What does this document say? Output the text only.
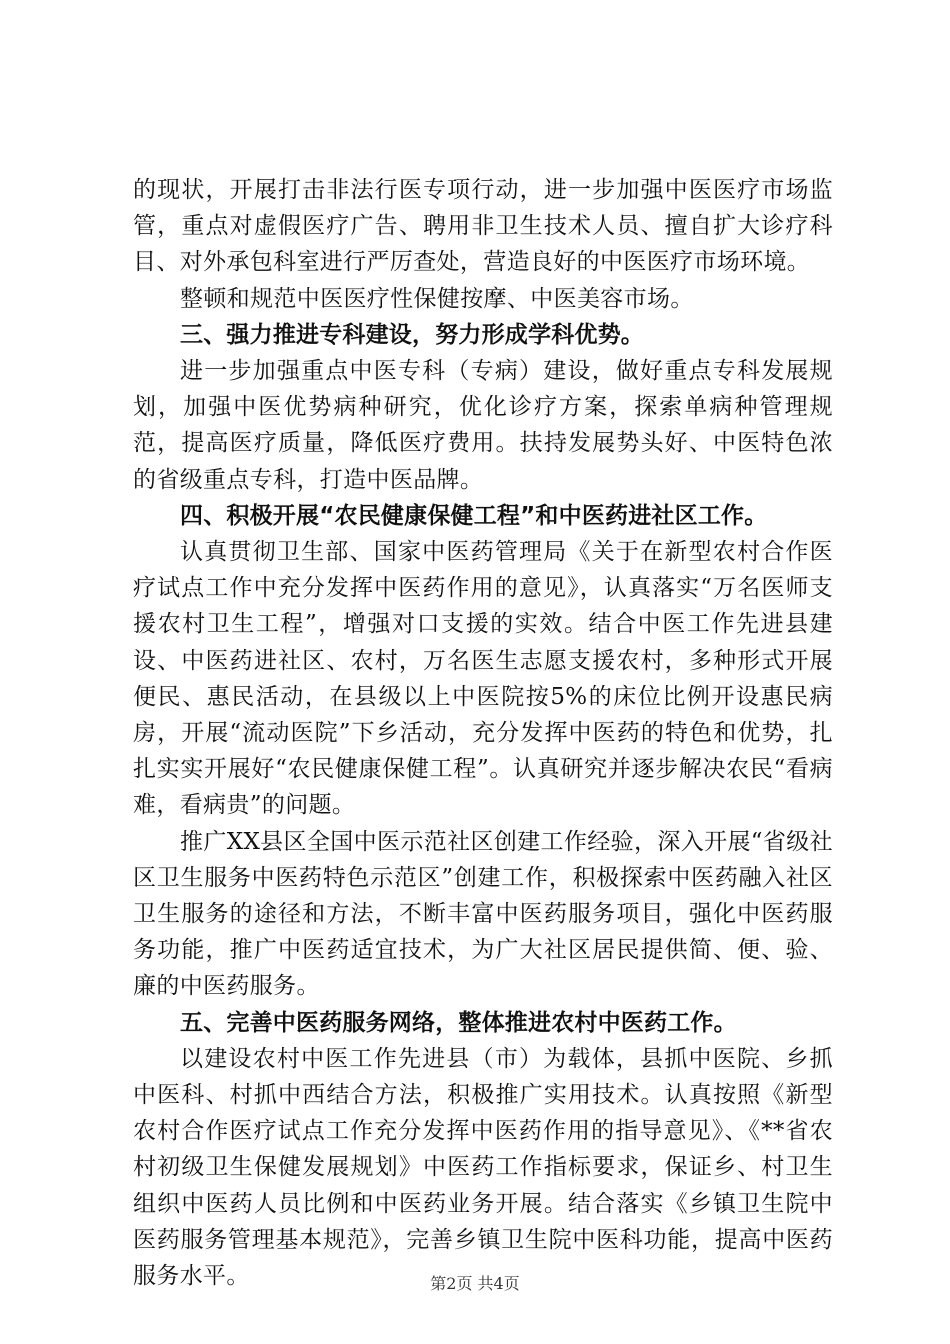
的现状，开展打击非法行医专项行动，进一步加强中医医疗市场监管，重点对虚假医疗广告、聘用非卫生技术人员、擅自扩大诊疗科目、对外承包科室进行严厉查处，营造良好的中医医疗市场环境。

整顿和规范中医医疗性保健按摩、中医美容市场。

三、强力推进专科建设，努力形成学科优势。

进一步加强重点中医专科（专病）建设，做好重点专科发展规划，加强中医优势病种研究，优化诊疗方案，探索单病种管理规范，提高医疗质量，降低医疗费用。扶持发展势头好、中医特色浓的省级重点专科，打造中医品牌。

四、积极开展“农民健康保健工程”和中医药进社区工作。

认真贯彻卫生部、国家中医药管理局《关于在新型农村合作医疗试点工作中充分发挥中医药作用的意见》，认真落实“万名医师支援农村卫生工程”，增强对口支援的实效。结合中医工作先进县建设、中医药进社区、农村，万名医生志愿支援农村，多种形式开展便民、惠民活动，在县级以上中医院按5%的床位比例开设惠民病房，开展“流动医院”下乡活动，充分发挥中医药的特色和优势，扎扎实实开展好“农民健康保健工程”。认真研究并逐步解决农民“看病难，看病贵”的问题。

推广XX县区全国中医示范社区创建工作经验，深入开展“省级社区卫生服务中医药特色示范区”创建工作，积极探索中医药融入社区卫生服务的途径和方法，不断丰富中医药服务项目，强化中医药服务功能，推广中医药适宜技术，为广大社区居民提供简、便、验、廉的中医药服务。

五、完善中医药服务网络，整体推进农村中医药工作。

以建设农村中医工作先进县（市）为载体，县抓中医院、乡抓中医科、村抓中西结合方法，积极推广实用技术。认真按照《新型农村合作医疗试点工作充分发挥中医药作用的指导意见》、《**省农村初级卫生保健发展规划》中医药工作指标要求，保证乡、村卫生组织中医药人员比例和中医药业务开展。结合落实《乡镇卫生院中医药服务管理基本规范》，完善乡镇卫生院中医科功能，提高中医药服务水平。	第2页 共4页
